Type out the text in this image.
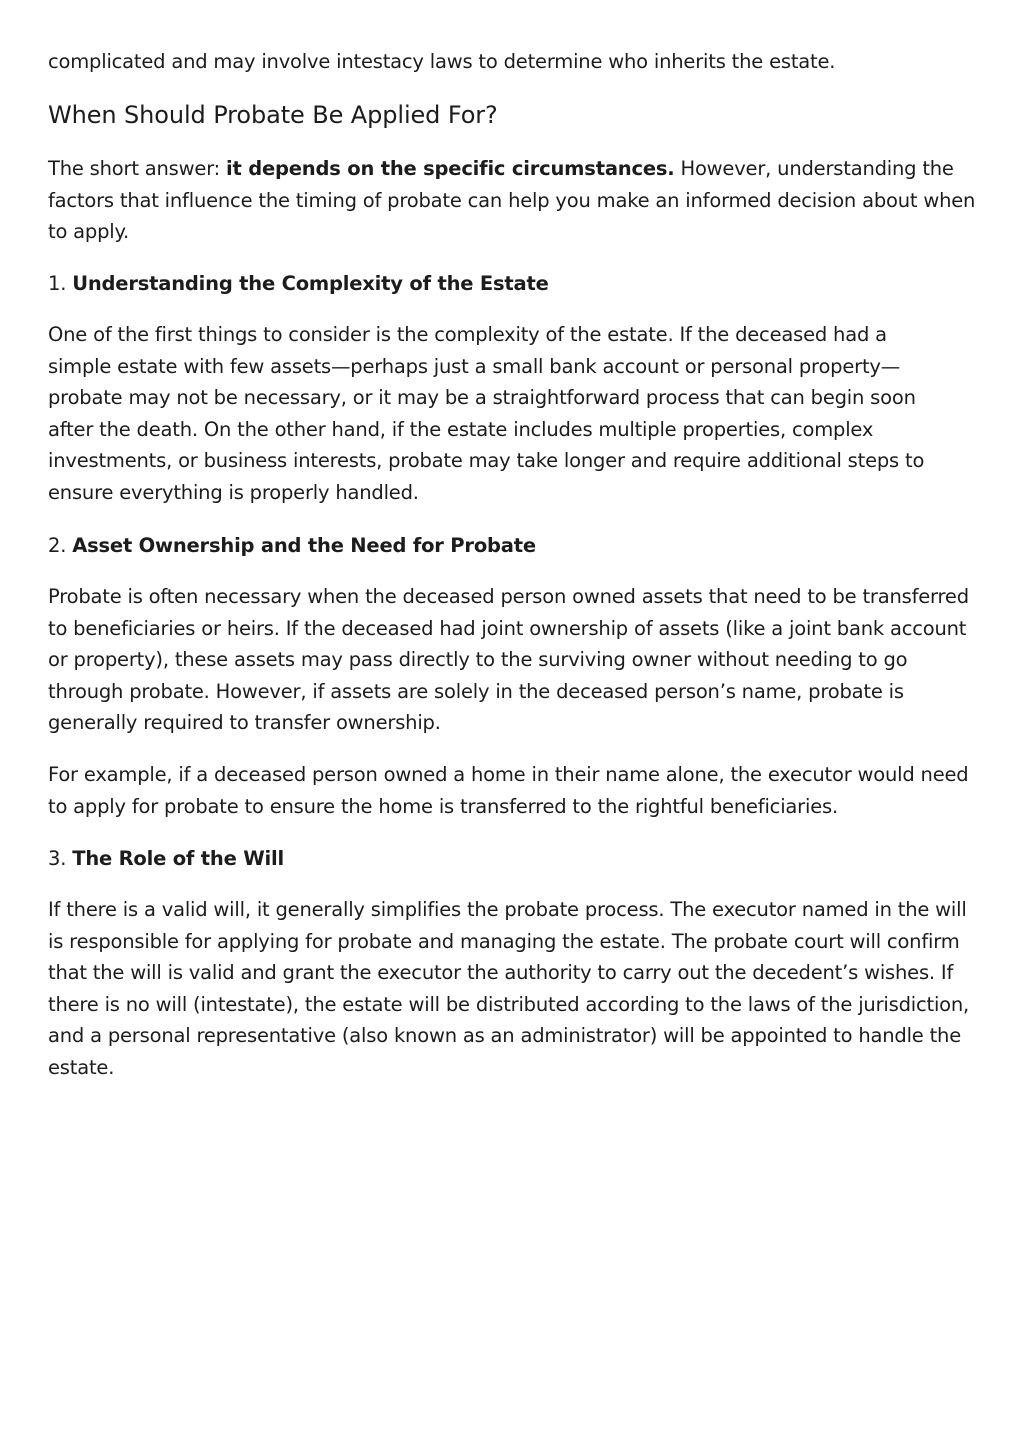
complicated and may involve intestacy laws to determine who inherits the estate.

When Should Probate Be Applied For?

The short answer: it depends on the specific circumstances. However, understanding the factors that influence the timing of probate can help you make an informed decision about when to apply.

1. Understanding the Complexity of the Estate

One of the first things to consider is the complexity of the estate. If the deceased had a simple estate with few assets—perhaps just a small bank account or personal property—probate may not be necessary, or it may be a straightforward process that can begin soon after the death. On the other hand, if the estate includes multiple properties, complex investments, or business interests, probate may take longer and require additional steps to ensure everything is properly handled.

2. Asset Ownership and the Need for Probate

Probate is often necessary when the deceased person owned assets that need to be transferred to beneficiaries or heirs. If the deceased had joint ownership of assets (like a joint bank account or property), these assets may pass directly to the surviving owner without needing to go through probate. However, if assets are solely in the deceased person’s name, probate is generally required to transfer ownership.

For example, if a deceased person owned a home in their name alone, the executor would need to apply for probate to ensure the home is transferred to the rightful beneficiaries.

3. The Role of the Will

If there is a valid will, it generally simplifies the probate process. The executor named in the will is responsible for applying for probate and managing the estate. The probate court will confirm that the will is valid and grant the executor the authority to carry out the decedent’s wishes. If there is no will (intestate), the estate will be distributed according to the laws of the jurisdiction, and a personal representative (also known as an administrator) will be appointed to handle the estate.
